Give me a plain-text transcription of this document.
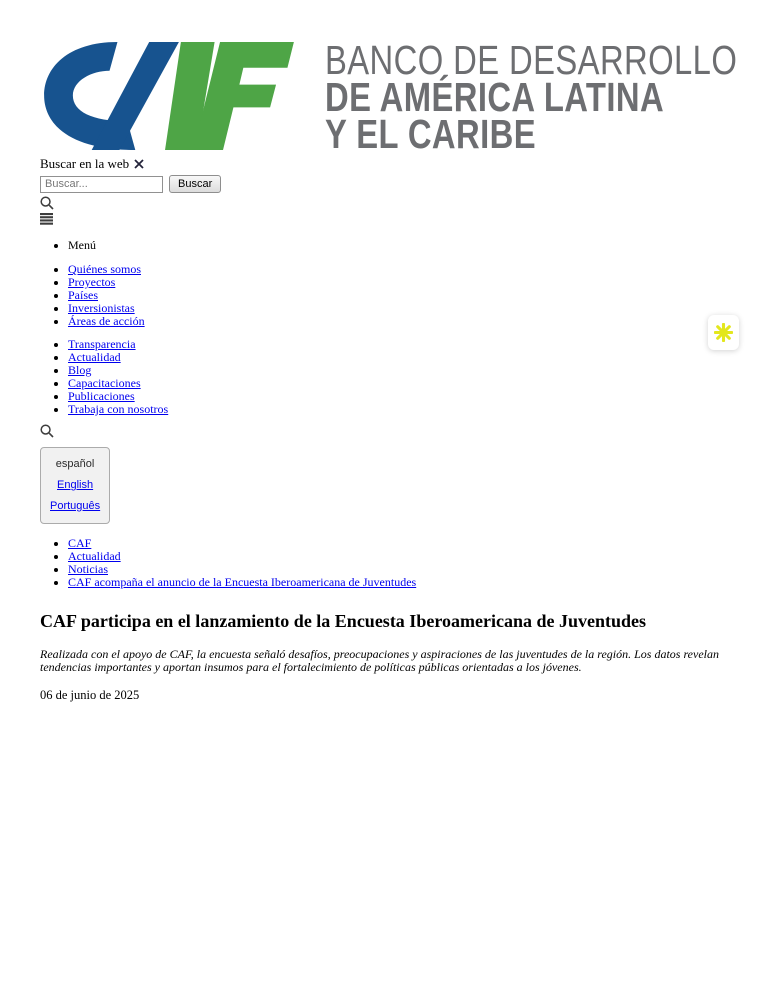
BANCO DE DESARROLLO
DE AMÉRICA LATINA
Y EL CARIBE
Buscar en la web
Buscar...
Buscar
• Menú
• Quiénes somos
• Proyectos
• Países
• Inversionistas
• Áreas de acción
• Transparencia
• Actualidad
• Blog
• Capacitaciones
• Publicaciones
• Trabaja con nosotros
español
English
Português
• CAF
• Actualidad
• Noticias
• CAF acompaña el anuncio de la Encuesta Iberoamericana de Juventudes
CAF participa en el lanzamiento de la Encuesta Iberoamericana de Juventudes

Realizada con el apoyo de CAF, la encuesta señaló desafíos, preocupaciones y aspiraciones de las juventudes de la región. Los datos revelan tendencias importantes y aportan insumos para el fortalecimiento de políticas públicas orientadas a los jóvenes.

06 de junio de 2025
